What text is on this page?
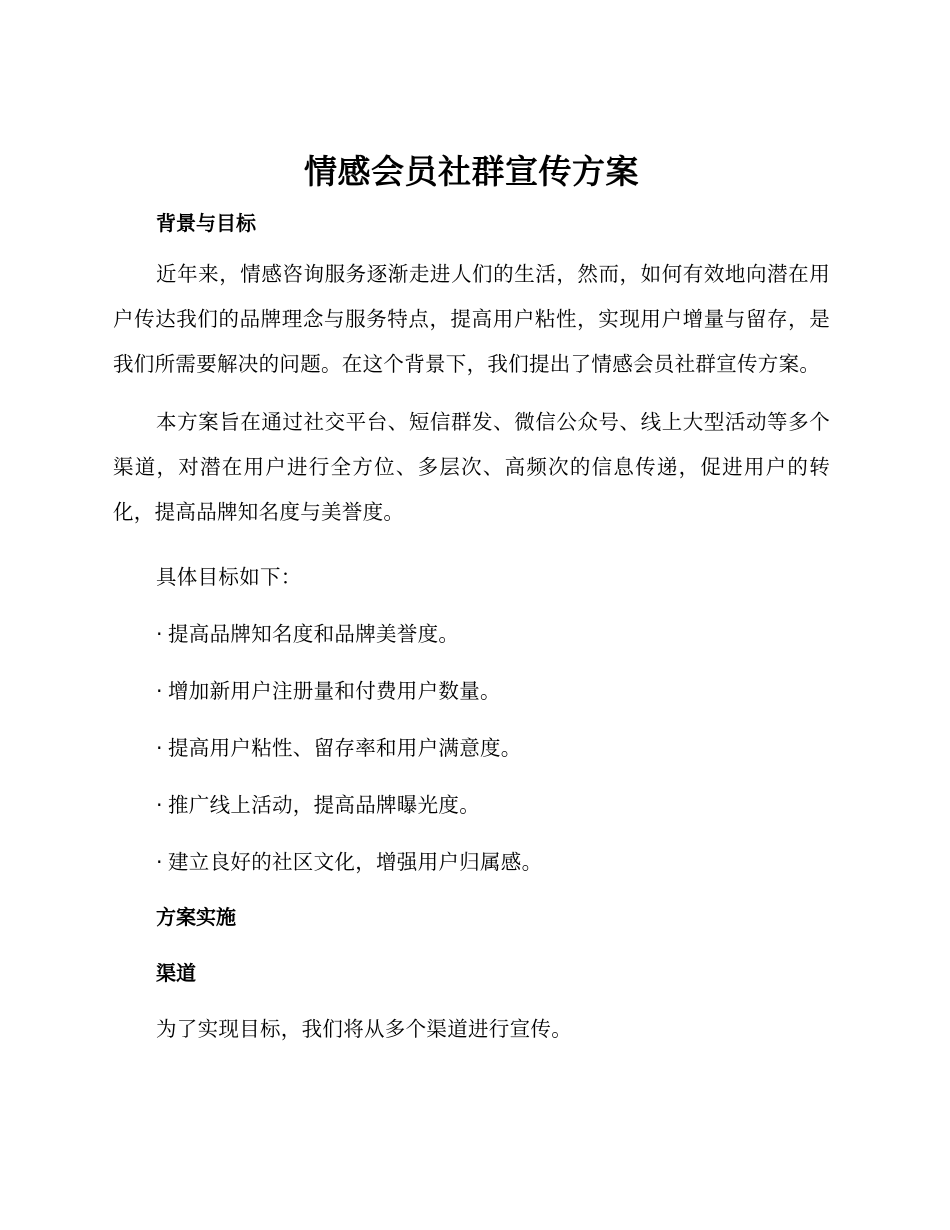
情感会员社群宣传方案
背景与目标

近年来，情感咨询服务逐渐走进人们的生活，然而，如何有效地向潜在用户传达我们的品牌理念与服务特点，提高用户粘性，实现用户增量与留存，是我们所需要解决的问题。在这个背景下，我们提出了情感会员社群宣传方案。

本方案旨在通过社交平台、短信群发、微信公众号、线上大型活动等多个渠道，对潜在用户进行全方位、多层次、高频次的信息传递，促进用户的转化，提高品牌知名度与美誉度。

具体目标如下：

· 提高品牌知名度和品牌美誉度。
· 增加新用户注册量和付费用户数量。
· 提高用户粘性、留存率和用户满意度。
· 推广线上活动，提高品牌曝光度。
· 建立良好的社区文化，增强用户归属感。
方案实施
渠道

为了实现目标，我们将从多个渠道进行宣传。
